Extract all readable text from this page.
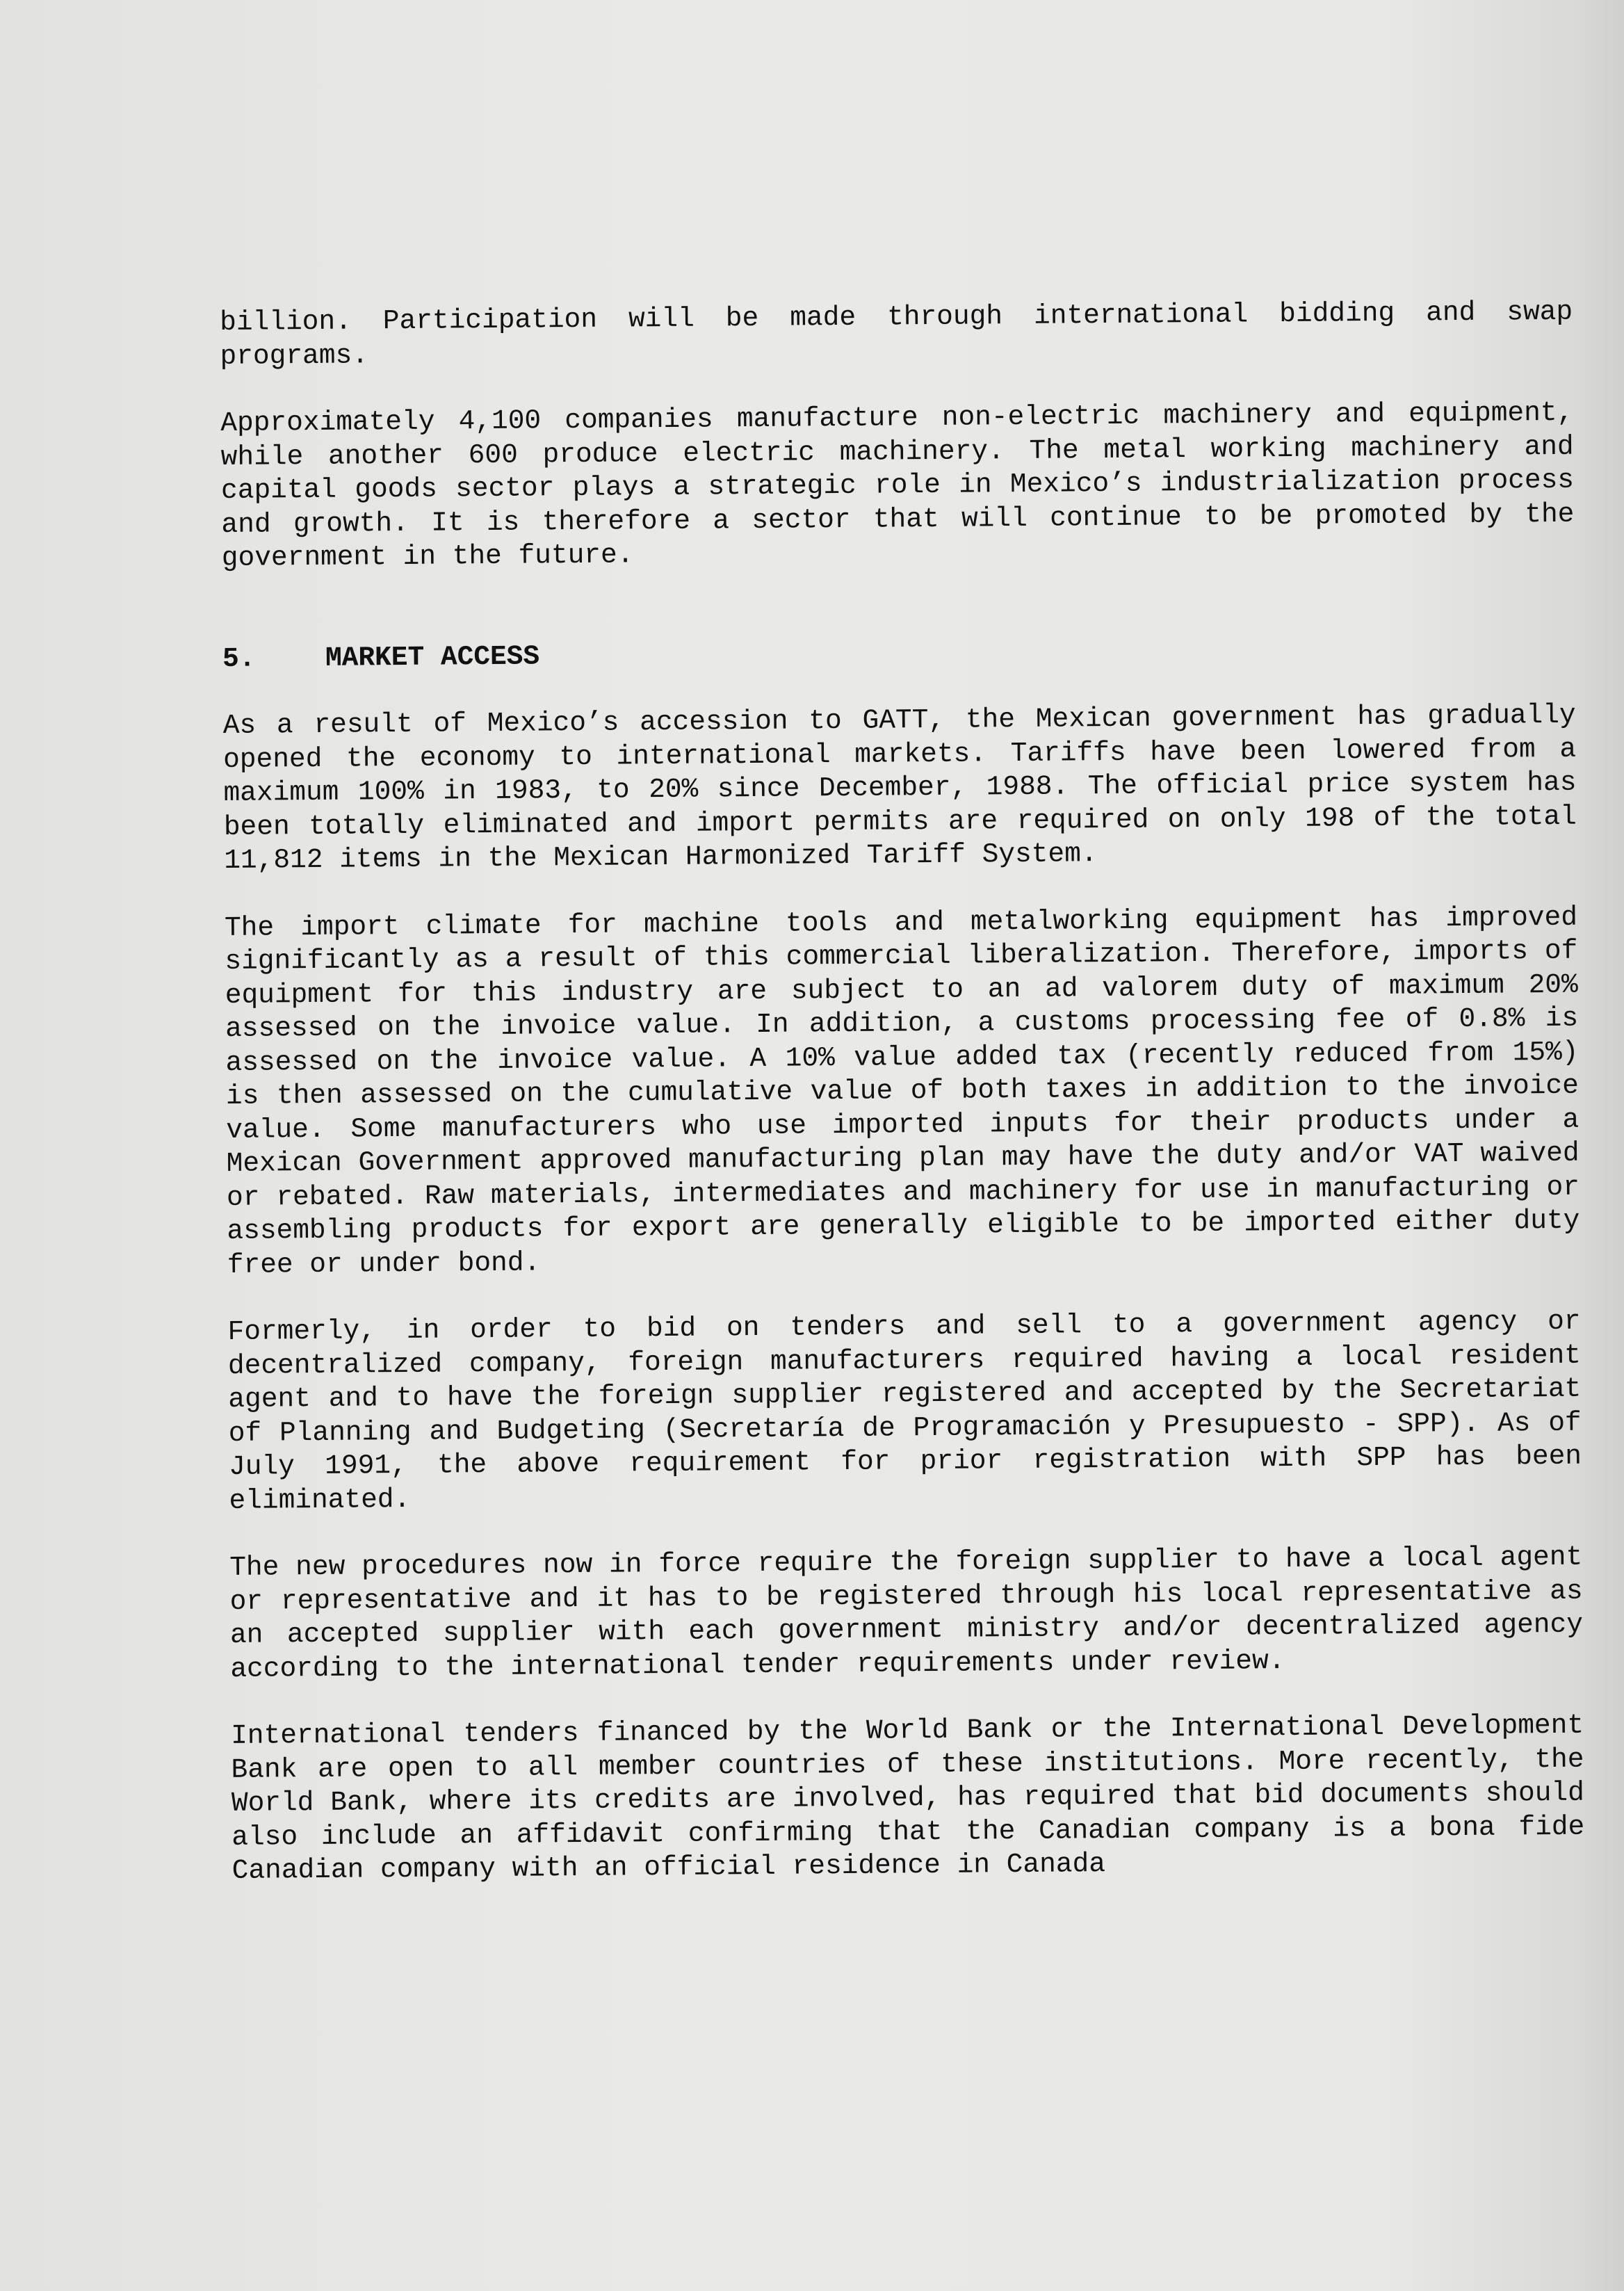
billion. Participation will be made through international bidding and swap programs.

Approximately 4,100 companies manufacture non-electric machinery and equipment, while another 600 produce electric machinery. The metal working machinery and capital goods sector plays a strategic role in Mexico’s industrialization process and growth. It is therefore a sector that will continue to be promoted by the government in the future.

5.	MARKET ACCESS

As a result of Mexico’s accession to GATT, the Mexican government has gradually opened the economy to international markets. Tariffs have been lowered from a maximum 100% in 1983, to 20% since December, 1988. The official price system has been totally eliminated and import permits are required on only 198 of the total 11,812 items in the Mexican Harmonized Tariff System.

The import climate for machine tools and metalworking equipment has improved significantly as a result of this commercial liberalization. Therefore, imports of equipment for this industry are subject to an ad valorem duty of maximum 20% assessed on the invoice value. In addition, a customs processing fee of 0.8% is assessed on the invoice value. A 10% value added tax (recently reduced from 15%) is then assessed on the cumulative value of both taxes in addition to the invoice value. Some manufacturers who use imported inputs for their products under a Mexican Government approved manufacturing plan may have the duty and/or VAT waived or rebated. Raw materials, intermediates and machinery for use in manufacturing or assembling products for export are generally eligible to be imported either duty free or under bond.

Formerly, in order to bid on tenders and sell to a government agency or decentralized company, foreign manufacturers required having a local resident agent and to have the foreign supplier registered and accepted by the Secretariat of Planning and Budgeting (Secretaría de Programación y Presupuesto - SPP). As of July 1991, the above requirement for prior registration with SPP has been eliminated.

The new procedures now in force require the foreign supplier to have a local agent or representative and it has to be registered through his local representative as an accepted supplier with each government ministry and/or decentralized agency according to the international tender requirements under review.

International tenders financed by the World Bank or the International Development Bank are open to all member countries of these institutions. More recently, the World Bank, where its credits are involved, has required that bid documents should also include an affidavit confirming that the Canadian company is a bona fide Canadian company with an official residence in Canada
